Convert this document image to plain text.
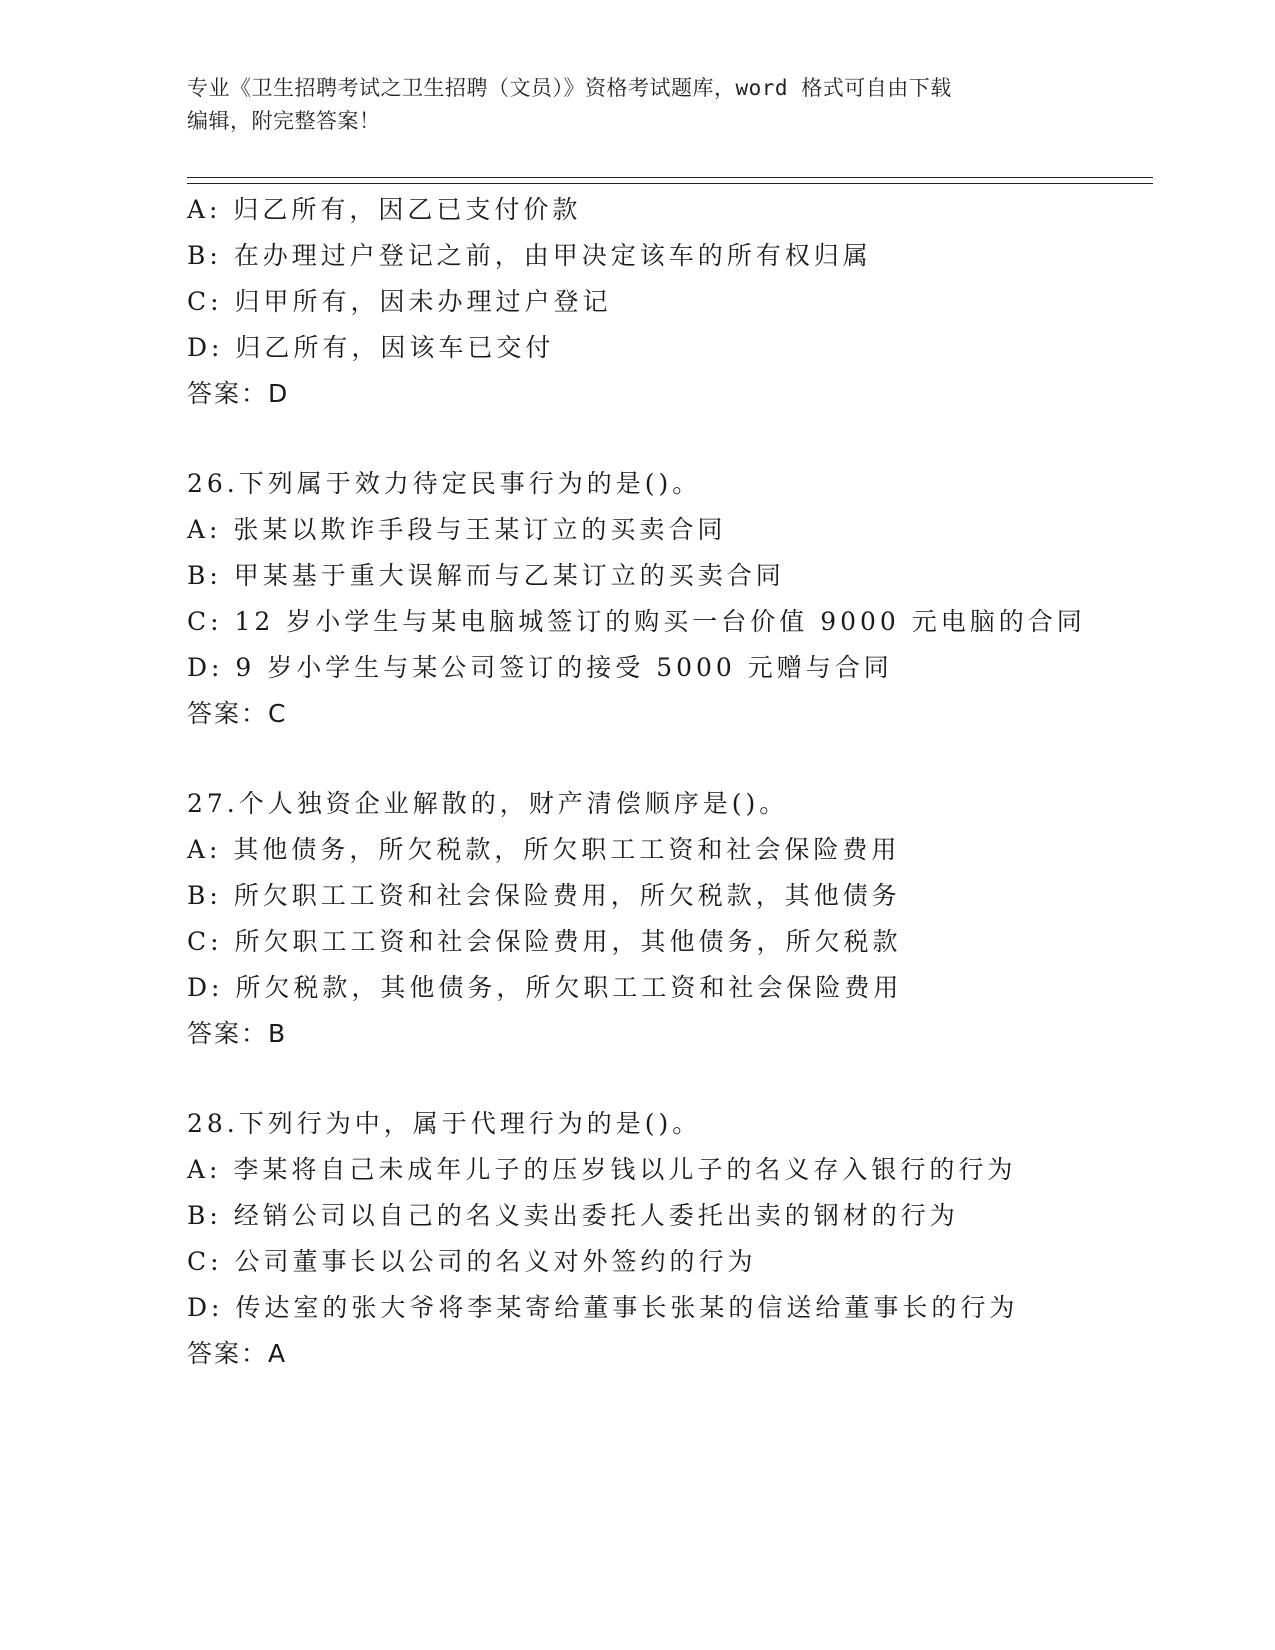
专业《卫生招聘考试之卫生招聘（文员）》资格考试题库，word 格式可自由下载
编辑，附完整答案！
A: 归乙所有，因乙已支付价款
B: 在办理过户登记之前，由甲决定该车的所有权归属
C: 归甲所有，因未办理过户登记
D: 归乙所有，因该车已交付
答案：D
26.下列属于效力待定民事行为的是()。
A: 张某以欺诈手段与王某订立的买卖合同
B: 甲某基于重大误解而与乙某订立的买卖合同
C: 12 岁小学生与某电脑城签订的购买一台价值 9000 元电脑的合同
D: 9 岁小学生与某公司签订的接受 5000 元赠与合同
答案：C
27.个人独资企业解散的，财产清偿顺序是()。
A: 其他债务，所欠税款，所欠职工工资和社会保险费用
B: 所欠职工工资和社会保险费用，所欠税款，其他债务
C: 所欠职工工资和社会保险费用，其他债务，所欠税款
D: 所欠税款，其他债务，所欠职工工资和社会保险费用
答案：B
28.下列行为中，属于代理行为的是()。
A: 李某将自己未成年儿子的压岁钱以儿子的名义存入银行的行为
B: 经销公司以自己的名义卖出委托人委托出卖的钢材的行为
C: 公司董事长以公司的名义对外签约的行为
D: 传达室的张大爷将李某寄给董事长张某的信送给董事长的行为
答案：A
